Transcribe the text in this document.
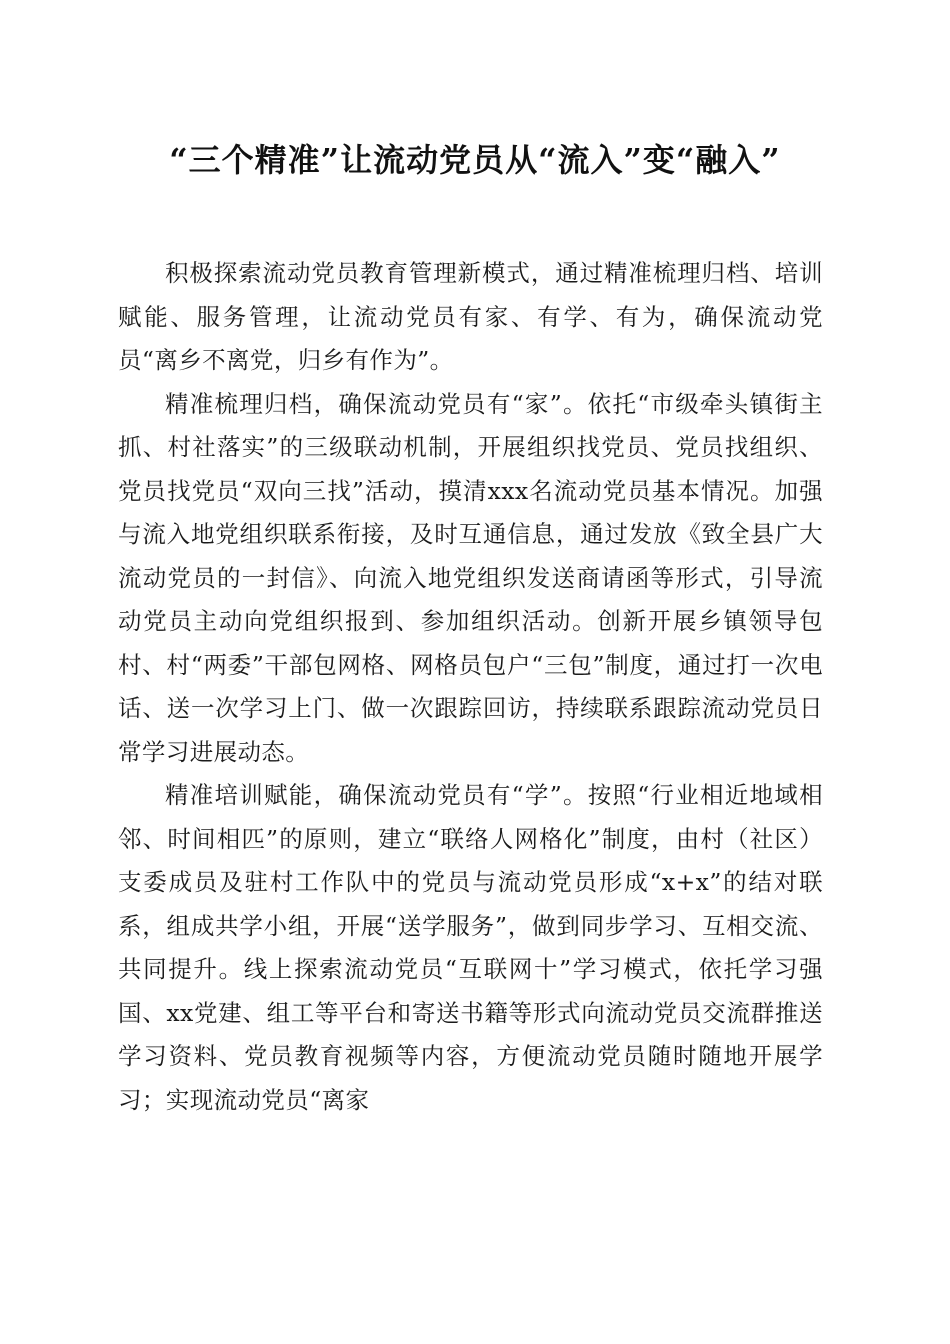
“三个精准”让流动党员从“流入”变“融入”

积极探索流动党员教育管理新模式，通过精准梳理归档、培训赋能、服务管理，让流动党员有家、有学、有为，确保流动党员“离乡不离党，归乡有作为”。

精准梳理归档，确保流动党员有“家”。依托“市级牵头镇街主抓、村社落实”的三级联动机制，开展组织找党员、党员找组织、党员找党员“双向三找”活动，摸清xxx名流动党员基本情况。加强与流入地党组织联系衔接，及时互通信息，通过发放《致全县广大流动党员的一封信》、向流入地党组织发送商请函等形式，引导流动党员主动向党组织报到、参加组织活动。创新开展乡镇领导包村、村“两委”干部包网格、网格员包户“三包”制度，通过打一次电话、送一次学习上门、做一次跟踪回访，持续联系跟踪流动党员日常学习进展动态。

精准培训赋能，确保流动党员有“学”。按照“行业相近地域相邻、时间相匹”的原则，建立“联络人网格化”制度，由村（社区）支委成员及驻村工作队中的党员与流动党员形成“x+x”的结对联系，组成共学小组，开展“送学服务”，做到同步学习、互相交流、共同提升。线上探索流动党员“互联网十”学习模式，依托学习强国、xx党建、组工等平台和寄送书籍等形式向流动党员交流群推送学习资料、党员教育视频等内容，方便流动党员随时随地开展学习；实现流动党员“离家
